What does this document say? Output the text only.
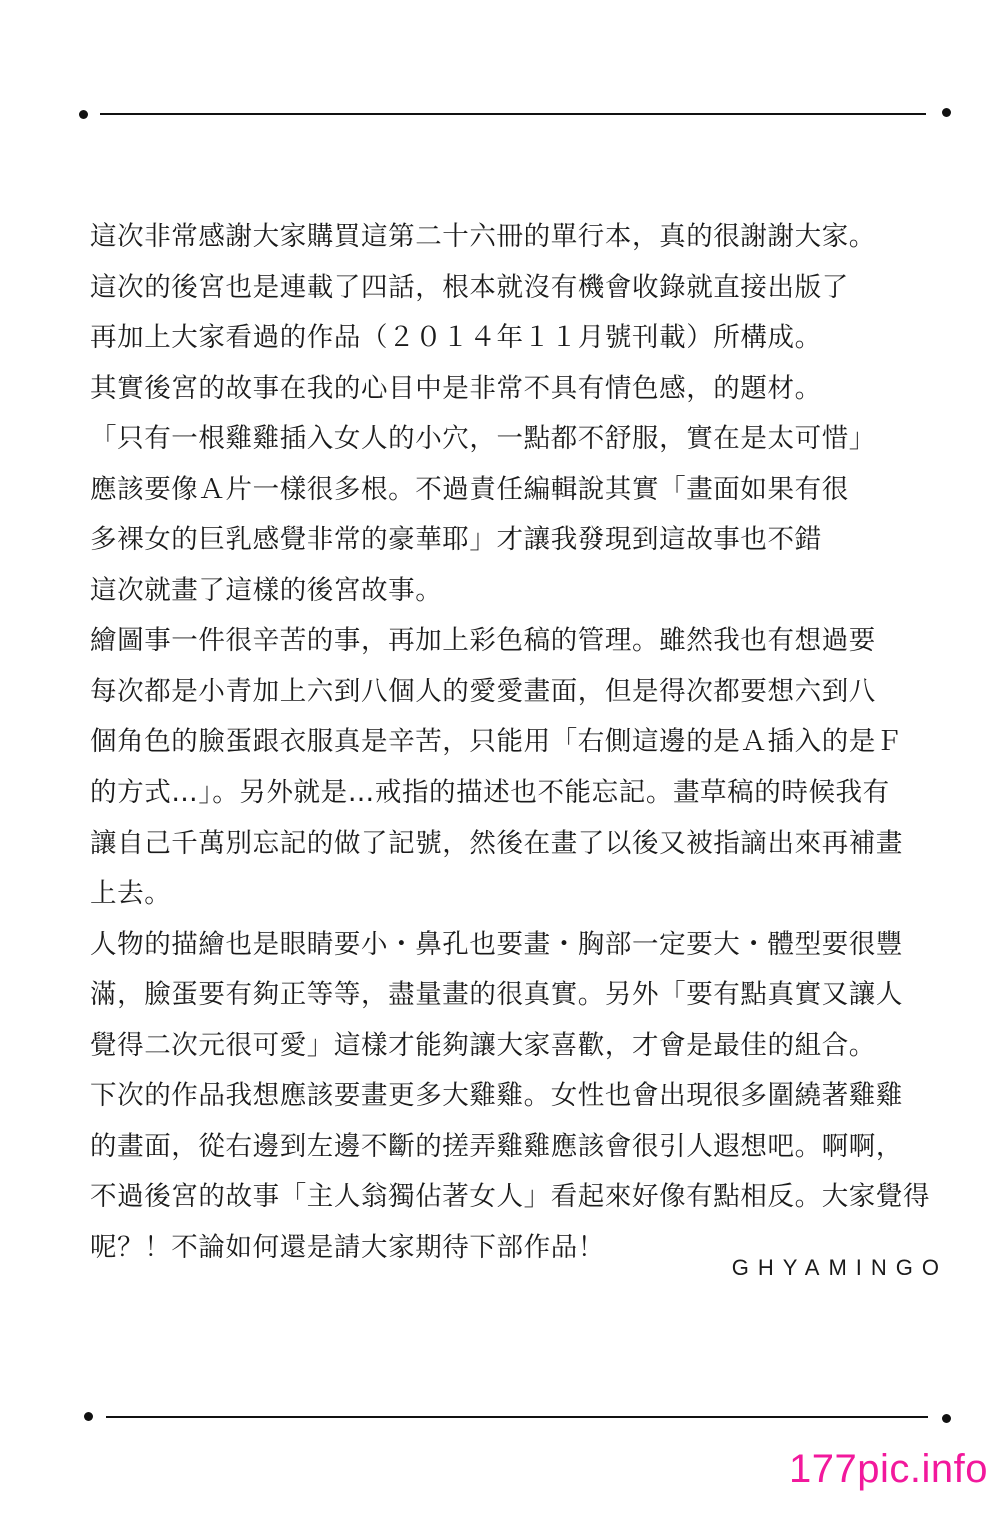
這次非常感謝大家購買這第二十六冊的單行本，真的很謝謝大家。
這次的後宮也是連載了四話，根本就沒有機會收錄就直接出版了
再加上大家看過的作品（２０１４年１１月號刊載）所構成。
其實後宮的故事在我的心目中是非常不具有情色感，的題材。
「只有一根雞雞插入女人的小穴，一點都不舒服，實在是太可惜」
應該要像Ａ片一樣很多根。不過責任編輯說其實「畫面如果有很
多裸女的巨乳感覺非常的豪華耶」才讓我發現到這故事也不錯
這次就畫了這樣的後宮故事。
繪圖事一件很辛苦的事，再加上彩色稿的管理。雖然我也有想過要
每次都是小青加上六到八個人的愛愛畫面，但是得次都要想六到八
個角色的臉蛋跟衣服真是辛苦，只能用「右側這邊的是Ａ插入的是Ｆ
的方式…」。另外就是…戒指的描述也不能忘記。畫草稿的時候我有
讓自己千萬別忘記的做了記號，然後在畫了以後又被指謫出來再補畫
上去。
人物的描繪也是眼睛要小・鼻孔也要畫・胸部一定要大・體型要很豐
滿，臉蛋要有夠正等等，盡量畫的很真實。另外「要有點真實又讓人
覺得二次元很可愛」這樣才能夠讓大家喜歡，才會是最佳的組合。
下次的作品我想應該要畫更多大雞雞。女性也會出現很多圍繞著雞雞
的畫面，從右邊到左邊不斷的搓弄雞雞應該會很引人遐想吧。啊啊，
不過後宮的故事「主人翁獨佔著女人」看起來好像有點相反。大家覺得
呢？！不論如何還是請大家期待下部作品！
GHYAMINGO
177pic.info
